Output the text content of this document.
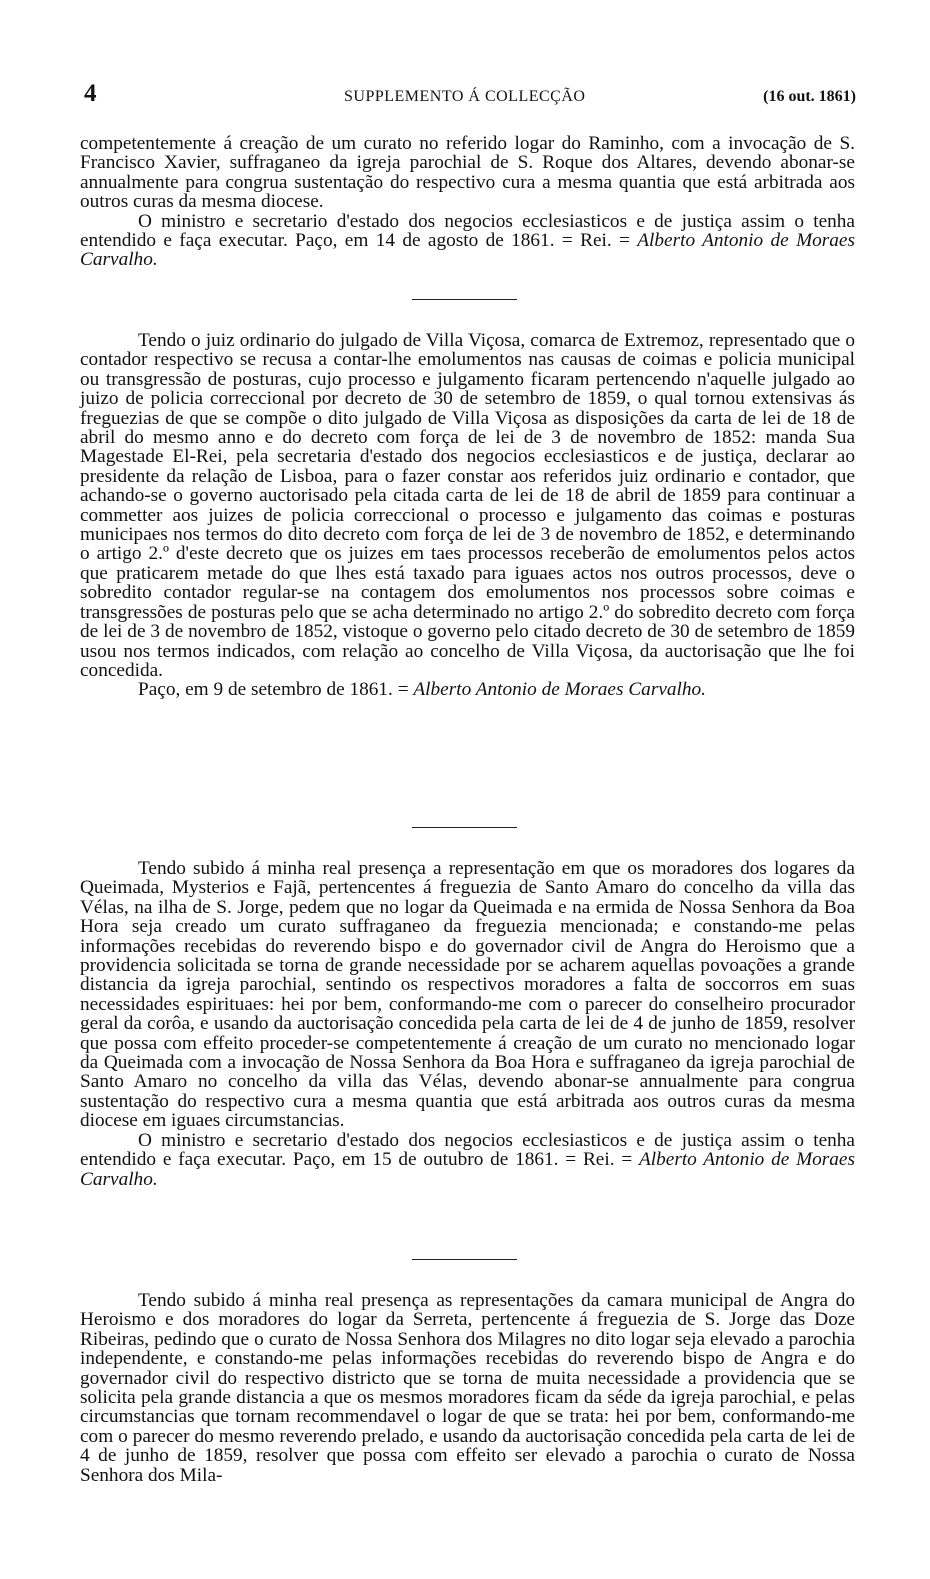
4	SUPPLEMENTO Á COLLECÇÃO	(16 out. 1861)

competentemente á creação de um curato no referido logar do Raminho, com a invocação de S. Francisco Xavier, suffraganeo da igreja parochial de S. Roque dos Altares, devendo abonar-se annualmente para congrua sustentação do respectivo cura a mesma quantia que está arbitrada aos outros curas da mesma diocese.

O ministro e secretario d'estado dos negocios ecclesiasticos e de justiça assim o tenha entendido e faça executar. Paço, em 14 de agosto de 1861. = Rei. = Alberto Antonio de Moraes Carvalho.

Tendo o juiz ordinario do julgado de Villa Viçosa, comarca de Extremoz, representado que o contador respectivo se recusa a contar-lhe emolumentos nas causas de coimas e policia municipal ou transgressão de posturas, cujo processo e julgamento ficaram pertencendo n'aquelle julgado ao juizo de policia correccional por decreto de 30 de setembro de 1859, o qual tornou extensivas ás freguezias de que se compõe o dito julgado de Villa Viçosa as disposições da carta de lei de 18 de abril do mesmo anno e do decreto com força de lei de 3 de novembro de 1852: manda Sua Magestade El-Rei, pela secretaria d'estado dos negocios ecclesiasticos e de justiça, declarar ao presidente da relação de Lisboa, para o fazer constar aos referidos juiz ordinario e contador, que achando-se o governo auctorisado pela citada carta de lei de 18 de abril de 1859 para continuar a commetter aos juizes de policia correccional o processo e julgamento das coimas e posturas municipaes nos termos do dito decreto com força de lei de 3 de novembro de 1852, e determinando o artigo 2.º d'este decreto que os juizes em taes processos receberão de emolumentos pelos actos que praticarem metade do que lhes está taxado para iguaes actos nos outros processos, deve o sobredito contador regular-se na contagem dos emolumentos nos processos sobre coimas e transgressões de posturas pelo que se acha determinado no artigo 2.º do sobredito decreto com força de lei de 3 de novembro de 1852, vistoque o governo pelo citado decreto de 30 de setembro de 1859 usou nos termos indicados, com relação ao concelho de Villa Viçosa, da auctorisação que lhe foi concedida.

Paço, em 9 de setembro de 1861. = Alberto Antonio de Moraes Carvalho.

Tendo subido á minha real presença a representação em que os moradores dos logares da Queimada, Mysterios e Fajã, pertencentes á freguezia de Santo Amaro do concelho da villa das Vélas, na ilha de S. Jorge, pedem que no logar da Queimada e na ermida de Nossa Senhora da Boa Hora seja creado um curato suffraganeo da freguezia mencionada; e constando-me pelas informações recebidas do reverendo bispo e do governador civil de Angra do Heroismo que a providencia solicitada se torna de grande necessidade por se acharem aquellas povoações a grande distancia da igreja parochial, sentindo os respectivos moradores a falta de soccorros em suas necessidades espirituaes: hei por bem, conformando-me com o parecer do conselheiro procurador geral da corôa, e usando da auctorisação concedida pela carta de lei de 4 de junho de 1859, resolver que possa com effeito proceder-se competentemente á creação de um curato no mencionado logar da Queimada com a invocação de Nossa Senhora da Boa Hora e suffraganeo da igreja parochial de Santo Amaro no concelho da villa das Vélas, devendo abonar-se annualmente para congrua sustentação do respectivo cura a mesma quantia que está arbitrada aos outros curas da mesma diocese em iguaes circumstancias.

O ministro e secretario d'estado dos negocios ecclesiasticos e de justiça assim o tenha entendido e faça executar. Paço, em 15 de outubro de 1861. = Rei. = Alberto Antonio de Moraes Carvalho.

Tendo subido á minha real presença as representações da camara municipal de Angra do Heroismo e dos moradores do logar da Serreta, pertencente á freguezia de S. Jorge das Doze Ribeiras, pedindo que o curato de Nossa Senhora dos Milagres no dito logar seja elevado a parochia independente, e constando-me pelas informações recebidas do reverendo bispo de Angra e do governador civil do respectivo districto que se torna de muita necessidade a providencia que se solicita pela grande distancia a que os mesmos moradores ficam da séde da igreja parochial, e pelas circumstancias que tornam recommendavel o logar de que se trata: hei por bem, conformando-me com o parecer do mesmo reverendo prelado, e usando da auctorisação concedida pela carta de lei de 4 de junho de 1859, resolver que possa com effeito ser elevado a parochia o curato de Nossa Senhora dos Mila-
